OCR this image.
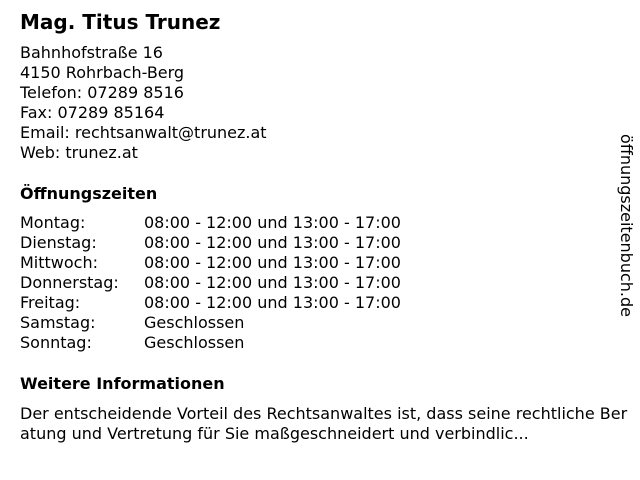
Mag. Titus Trunez
Bahnhofstraße 16
4150 Rohrbach-Berg
Telefon: 07289 8516
Fax: 07289 85164
Email: rechtsanwalt@trunez.at
Web: trunez.at
Öffnungszeiten
Montag:	08:00 - 12:00 und 13:00 - 17:00
Dienstag:	08:00 - 12:00 und 13:00 - 17:00
Mittwoch:	08:00 - 12:00 und 13:00 - 17:00
Donnerstag: 08:00 - 12:00 und 13:00 - 17:00
Freitag:	08:00 - 12:00 und 13:00 - 17:00
Samstag:	Geschlossen
Sonntag:	Geschlossen
Weitere Informationen
Der entscheidende Vorteil des Rechtsanwaltes ist, dass seine rechtliche Beratung und Vertretung für Sie maßgeschneidert und verbindlic...
öffnungszeitenbuch.de
